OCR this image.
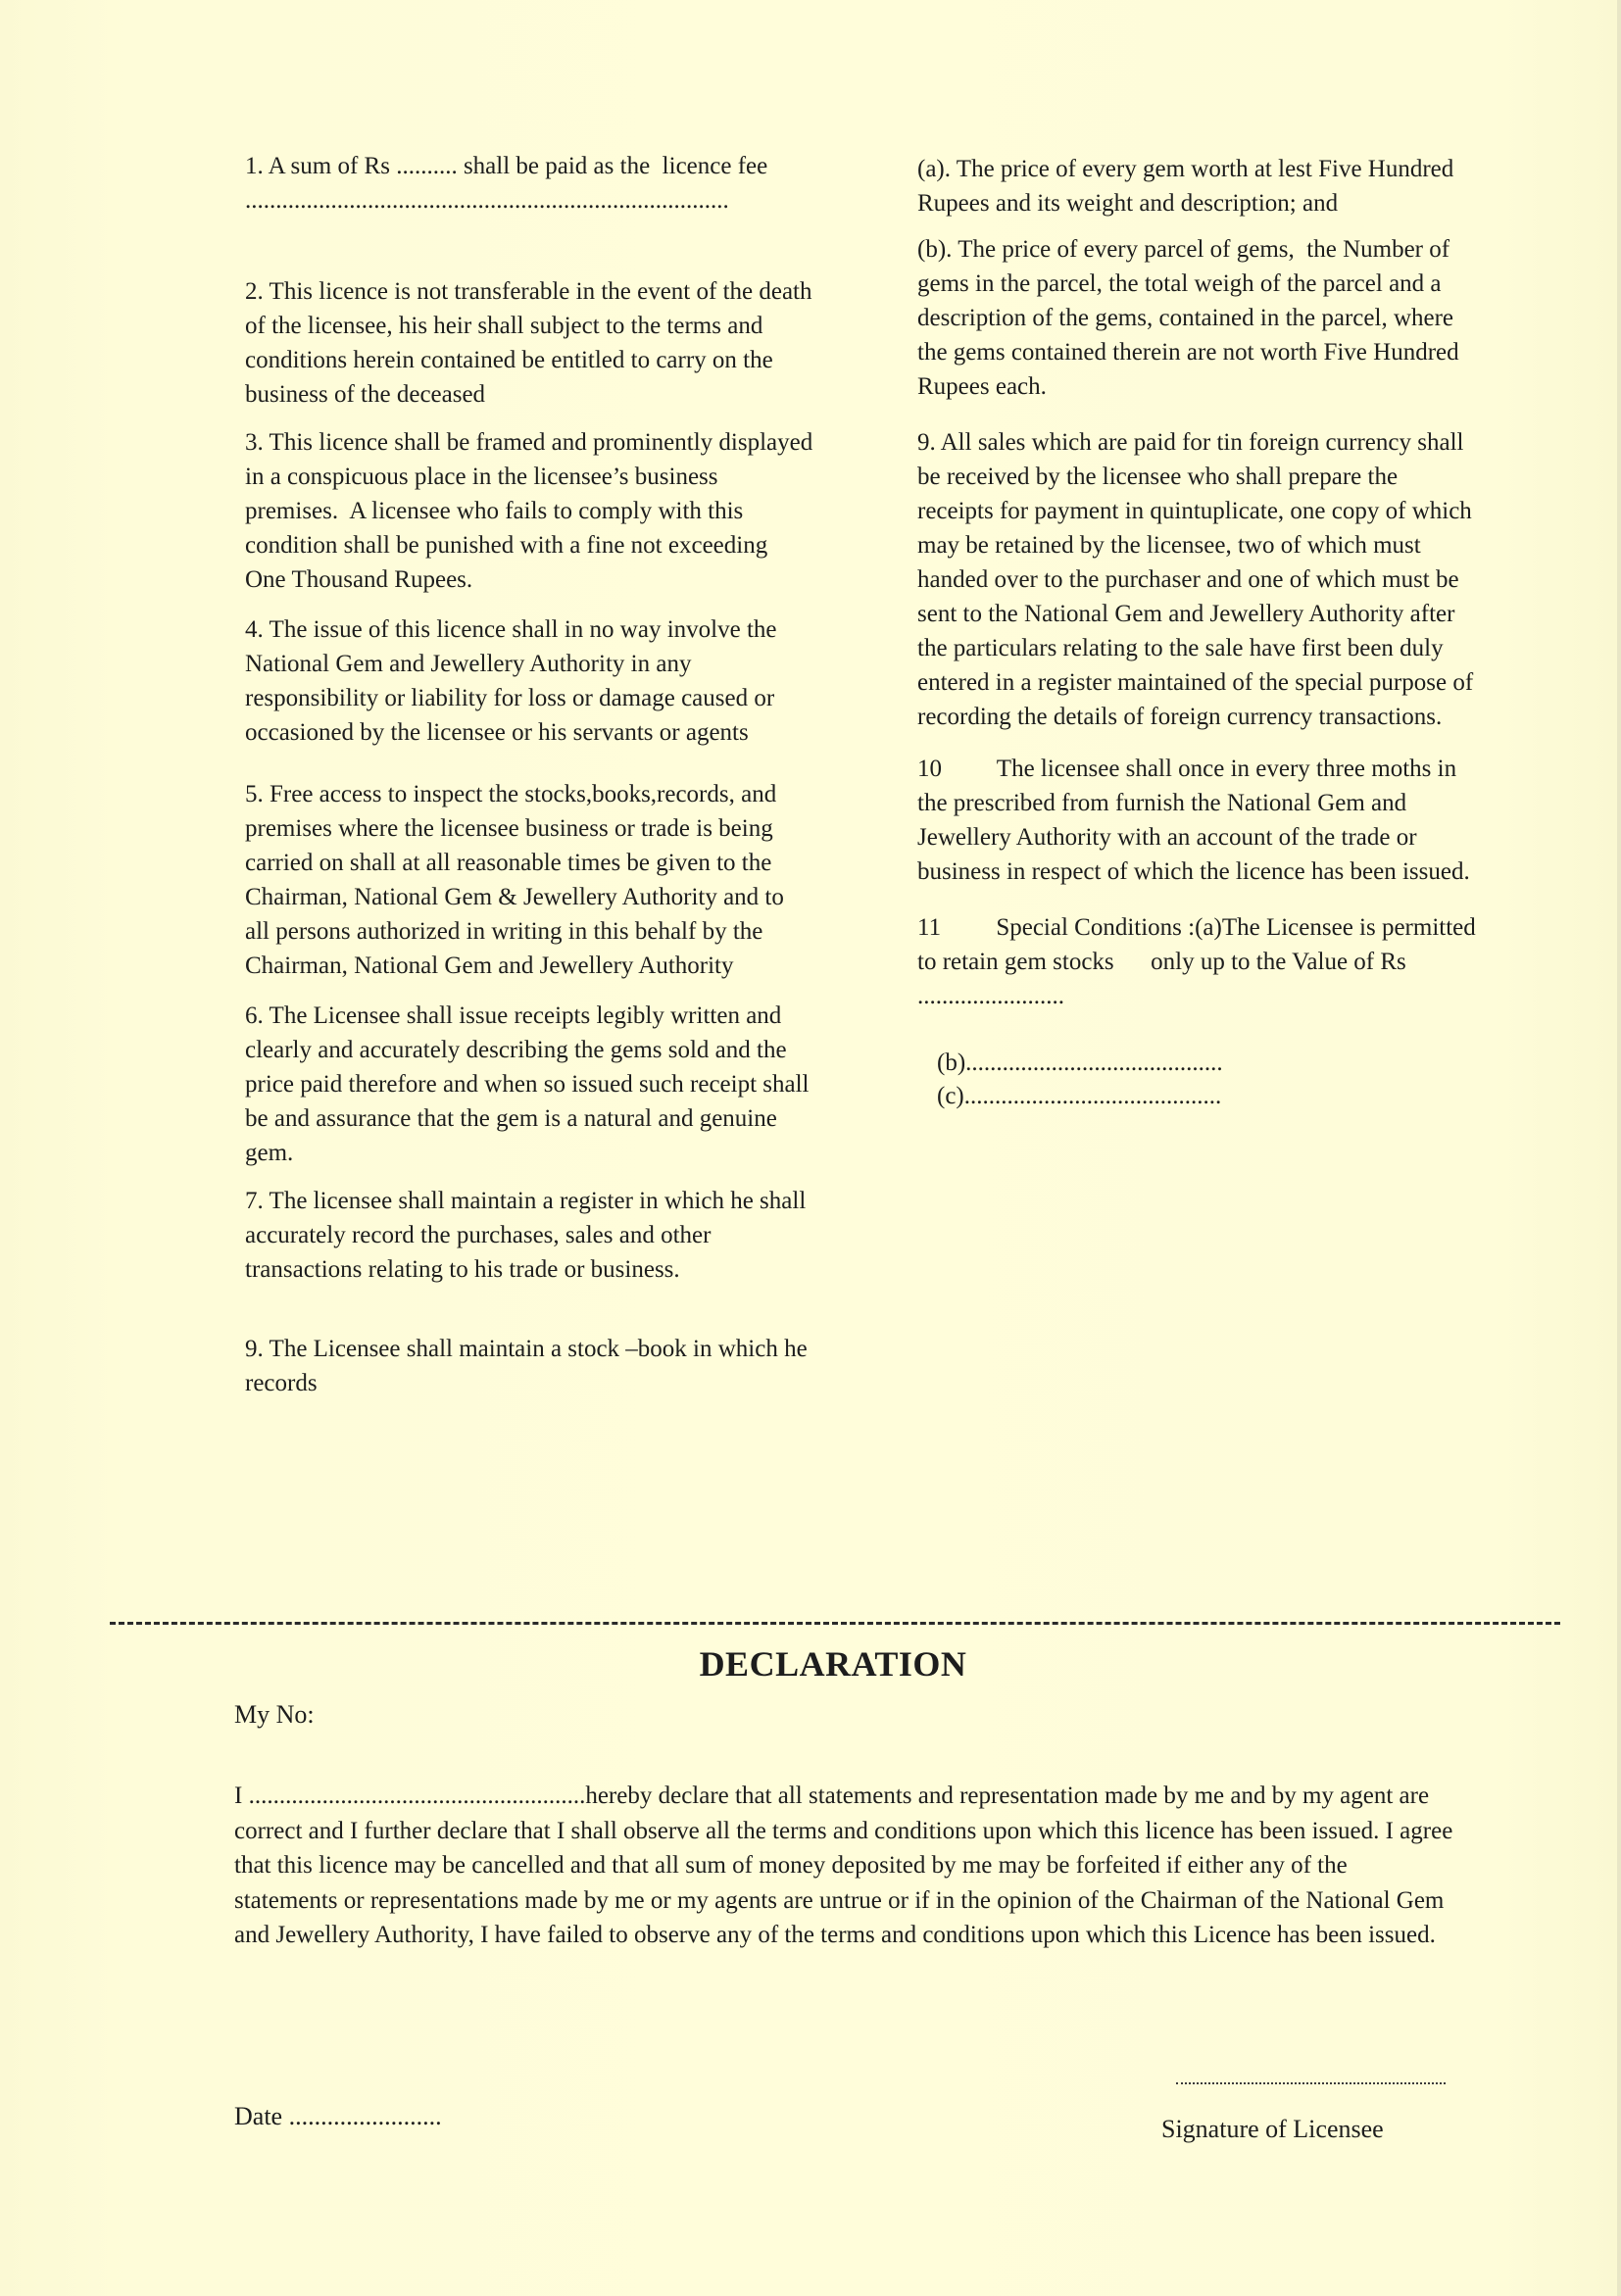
1. A sum of Rs .......... shall be paid as the  licence fee ...............................................................................

2. This licence is not transferable in the event of the death of the licensee, his heir shall subject to the terms and conditions herein contained be entitled to carry on the business of the deceased

3. This licence shall be framed and prominently displayed in a conspicuous place in the licensee’s business premises.  A licensee who fails to comply with this condition shall be punished with a fine not exceeding One Thousand Rupees.

4. The issue of this licence shall in no way involve the National Gem and Jewellery Authority in any responsibility or liability for loss or damage caused or occasioned by the licensee or his servants or agents

5. Free access to inspect the stocks,books,records, and premises where the licensee business or trade is being carried on shall at all reasonable times be given to the Chairman, National Gem & Jewellery Authority and to all persons authorized in writing in this behalf by the Chairman, National Gem and Jewellery Authority

6. The Licensee shall issue receipts legibly written and clearly and accurately describing the gems sold and the price paid therefore and when so issued such receipt shall be and assurance that the gem is a natural and genuine gem.

7. The licensee shall maintain a register in which he shall accurately record the purchases, sales and other transactions relating to his trade or business.

9. The Licensee shall maintain a stock –book in which he records

(a). The price of every gem worth at lest Five Hundred Rupees and its weight and description; and

(b). The price of every parcel of gems,  the Number of gems in the parcel, the total weigh of the parcel and a description of the gems, contained in the parcel, where the gems contained therein are not worth Five Hundred Rupees each.

9. All sales which are paid for tin foreign currency shall be received by the licensee who shall prepare the receipts for payment in quintuplicate, one copy of which may be retained by the licensee, two of which must handed over to the purchaser and one of which must be sent to the National Gem and Jewellery Authority after the particulars relating to the sale have first been duly entered in a register maintained of the special purpose of recording the details of foreign currency transactions.

10         The licensee shall once in every three moths in the prescribed from furnish the National Gem and Jewellery Authority with an account of the trade or business in respect of which the licence has been issued.

11         Special Conditions :(a)The Licensee is permitted to retain gem stocks      only up to the Value of Rs ........................

(b)..........................................

(c)..........................................

DECLARATION
My No:

I .......................................................hereby declare that all statements and representation made by me and by my agent are correct and I further declare that I shall observe all the terms and conditions upon which this licence has been issued. I agree that this licence may be cancelled and that all sum of money deposited by me may be forfeited if either any of the statements or representations made by me or my agents are untrue or if in the opinion of the Chairman of the National Gem and Jewellery Authority, I have failed to observe any of the terms and conditions upon which this Licence has been issued.

Date ........................	Signature of Licensee
